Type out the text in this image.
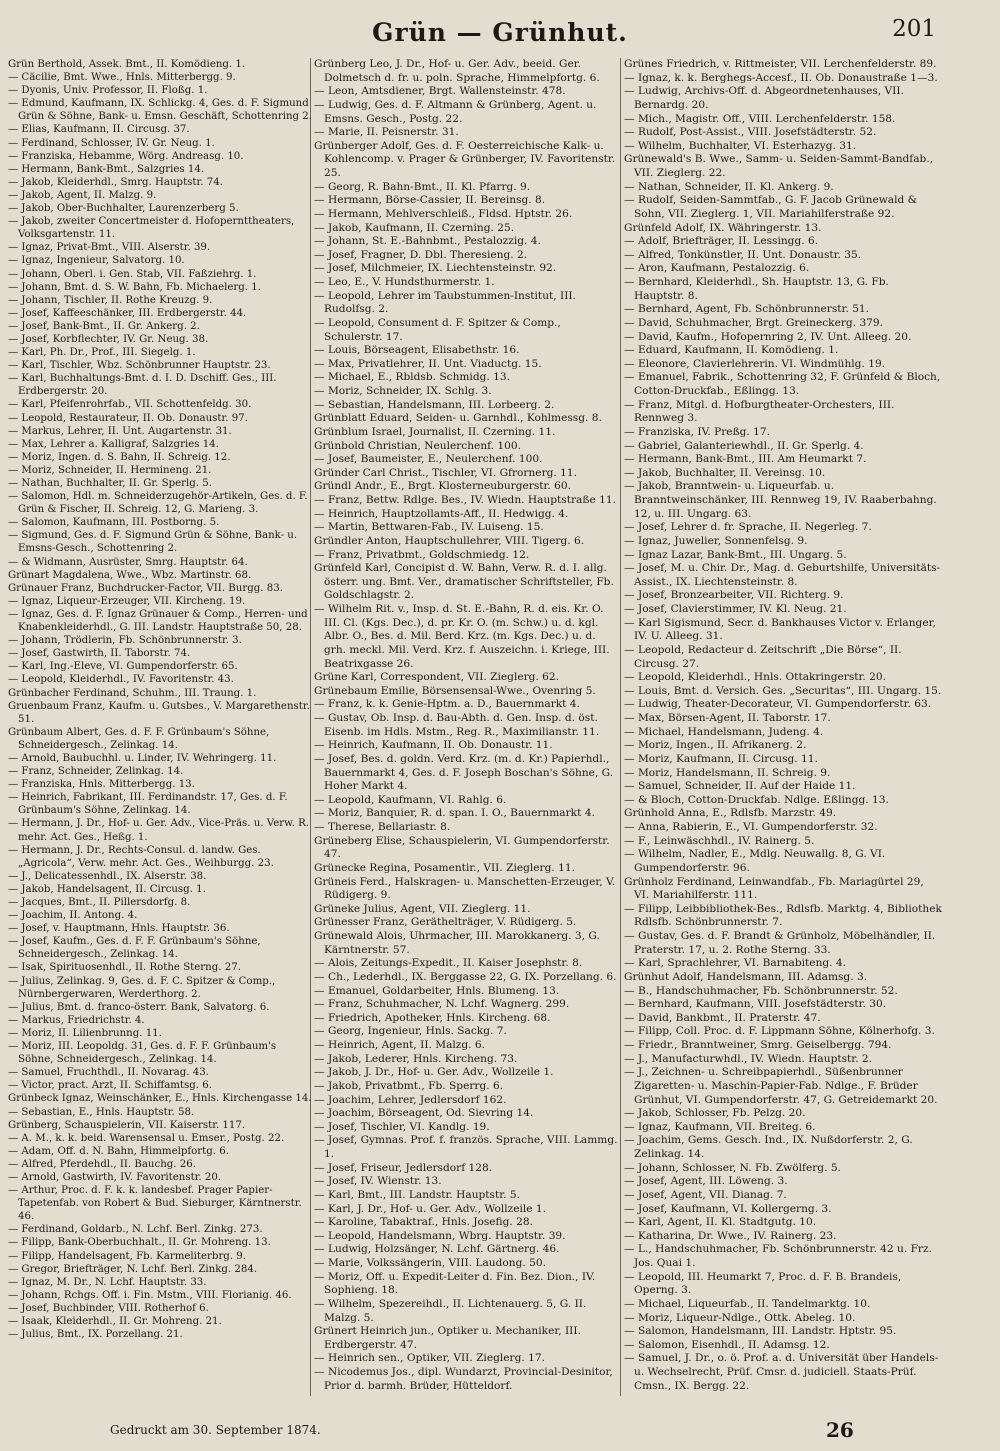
Grün — Grünhut.	201

Grün Berthold, Assek. Bmt., II. Komödieng. 1.

— Cäcilie, Bmt. Wwe., Hnls. Mitterbergg. 9.

— Dyonis, Univ. Professor, II. Floßg. 1.

— Edmund, Kaufmann, IX. Schlickg. 4, Ges. d. F. Sigmund Grün & Söhne, Bank- u. Emsn. Geschäft, Schottenring 2.

— Elias, Kaufmann, II. Circusg. 37.

— Ferdinand, Schlosser, IV. Gr. Neug. 1.

— Franziska, Hebamme, Wörg. Andreasg. 10.

— Hermann, Bank-Bmt., Salzgries 14.

— Jakob, Kleiderhdl., Smrg. Hauptstr. 74.

— Jakob, Agent, II. Malzg. 9.

— Jakob, Ober-Buchhalter, Laurenzerberg 5.

— Jakob, zweiter Concertmeister d. Hofopernttheaters, Volksgartenstr. 11.

— Ignaz, Privat-Bmt., VIII. Alserstr. 39.

— Ignaz, Ingenieur, Salvatorg. 10.

— Johann, Oberl. i. Gen. Stab, VII. Faßziehrg. 1.

— Johann, Bmt. d. S. W. Bahn, Fb. Michaelerg. 1.

— Johann, Tischler, II. Rothe Kreuzg. 9.

— Josef, Kaffeeschänker, III. Erdbergerstr. 44.

— Josef, Bank-Bmt., II. Gr. Ankerg. 2.

— Josef, Korbflechter, IV. Gr. Neug. 38.

— Karl, Ph. Dr., Prof., III. Siegelg. 1.

— Karl, Tischler, Wbz. Schönbrunner Hauptstr. 23.

— Karl, Buchhaltungs-Bmt. d. I. D. Dschiff. Ges., III. Erdbergerstr. 20.

— Karl, Pfeifenrohrfab., VII. Schottenfeldg. 30.

— Leopold, Restaurateur, II. Ob. Donaustr. 97.

— Markus, Lehrer, II. Unt. Augartenstr. 31.

— Max, Lehrer a. Kalligraf, Salzgries 14.

— Moriz, Ingen. d. S. Bahn, II. Schreig. 12.

— Moriz, Schneider, II. Hermineng. 21.

— Nathan, Buchhalter, II. Gr. Sperlg. 5.

— Salomon, Hdl. m. Schneiderzugehör-Artikeln, Ges. d. F. Grün & Fischer, II. Schreig. 12, G. Marieng. 3.

— Salomon, Kaufmann, III. Postborng. 5.

— Sigmund, Ges. d. F. Sigmund Grün & Söhne, Bank- u. Emsns-Gesch., Schottenring 2.

— & Widmann, Ausrüster, Smrg. Hauptstr. 64.

Grünart Magdalena, Wwe., Wbz. Martinstr. 68.

Grünauer Franz, Buchdrucker-Factor, VII. Burgg. 83.

— Ignaz, Liqueur-Erzeuger, VII. Kircheng. 19.

— Ignaz, Ges. d. F. Ignaz Grünauer & Comp., Herren- und Knabenkleiderhdl., G. III. Landstr. Hauptstraße 50, 28.

— Johann, Trödlerin, Fb. Schönbrunnerstr. 3.

— Josef, Gastwirth, II. Taborstr. 74.

— Karl, Ing.-Eleve, VI. Gumpendorferstr. 65.

— Leopold, Kleiderhdl., IV. Favoritenstr. 43.

Grünbacher Ferdinand, Schuhm., III. Traung. 1.

Gruenbaum Franz, Kaufm. u. Gutsbes., V. Margarethenstr. 51.

Grünbaum Albert, Ges. d. F. F. Grünbaum's Söhne, Schneidergesch., Zelinkag. 14.

— Arnold, Baubuchhl. u. Linder, IV. Wehringerg. 11.

— Franz, Schneider, Zelinkag. 14.

— Franziska, Hnls. Mitterbergg. 13.

— Heinrich, Fabrikant, III. Ferdinandstr. 17, Ges. d. F. Grünbaum's Söhne, Zelinkag. 14.

— Hermann, J. Dr., Hof- u. Ger. Adv., Vice-Präs. u. Verw. R. mehr. Act. Ges., Heßg. 1.

— Hermann, J. Dr., Rechts-Consul. d. landw. Ges. „Agricola“, Verw. mehr. Act. Ges., Weihburgg. 23.

— J., Delicatessenhdl., IX. Alserstr. 38.

— Jakob, Handelsagent, II. Circusg. 1.

— Jacques, Bmt., II. Pillersdorfg. 8.

— Joachim, II. Antong. 4.

— Josef, v. Hauptmann, Hnls. Hauptstr. 36.

— Josef, Kaufm., Ges. d. F. F. Grünbaum's Söhne, Schneidergesch., Zelinkag. 14.

— Isak, Spirituosenhdl., II. Rothe Sterng. 27.

— Julius, Zelinkag. 9, Ges. d. F. C. Spitzer & Comp., Nürnbergerwaren, Werderthorg. 2.

— Julius, Bmt. d. franco-österr. Bank, Salvatorg. 6.

— Markus, Friedrichstr. 4.

— Moriz, II. Lilienbrunng. 11.

— Moriz, III. Leopoldg. 31, Ges. d. F. F. Grünbaum's Söhne, Schneidergesch., Zelinkag. 14.

— Samuel, Fruchthdl., II. Novarag. 43.

— Victor, pract. Arzt, II. Schiffamtsg. 6.

Grünbeck Ignaz, Weinschänker, E., Hnls. Kirchengasse 14.

— Sebastian, E., Hnls. Hauptstr. 58.

Grünberg, Schauspielerin, VII. Kaiserstr. 117.

— A. M., k. k. beid. Warensensal u. Emser., Postg. 22.

— Adam, Off. d. N. Bahn, Himmelpfortg. 6.

— Alfred, Pferdehdl., II. Bauchg. 26.

— Arnold, Gastwirth, IV. Favoritenstr. 20.

— Arthur, Proc. d. F. k. k. landesbef. Prager Papier-Tapetenfab. von Robert & Bud. Sieburger, Kärntnerstr. 46.

— Ferdinand, Goldarb., N. Lchf. Berl. Zinkg. 273.

— Filipp, Bank-Oberbuchhalt., II. Gr. Mohreng. 13.

— Filipp, Handelsagent, Fb. Karmeliterbrg. 9.

— Gregor, Briefträger, N. Lchf. Berl. Zinkg. 284.

— Ignaz, M. Dr., N. Lchf. Hauptstr. 33.

— Johann, Rchgs. Off. i. Fin. Mstm., VIII. Florianig. 46.

— Josef, Buchbinder, VIII. Rotherhof 6.

— Isaak, Kleiderhdl., II. Gr. Mohreng. 21.

— Julius, Bmt., IX. Porzellang. 21.

Grünberg Leo, J. Dr., Hof- u. Ger. Adv., beeid. Ger. Dolmetsch d. fr. u. poln. Sprache, Himmelpfortg. 6.

— Leon, Amtsdiener, Brgt. Wallensteinstr. 478.

— Ludwig, Ges. d. F. Altmann & Grünberg, Agent. u. Emsns. Gesch., Postg. 22.

— Marie, II. Peisnerstr. 31.

Grünberger Adolf, Ges. d. F. Oesterreichische Kalk- u. Kohlencomp. v. Prager & Grünberger, IV. Favoritenstr. 25.

— Georg, R. Bahn-Bmt., II. Kl. Pfarrg. 9.

— Hermann, Börse-Cassier, II. Bereinsg. 8.

— Hermann, Mehlverschleiß., Fldsd. Hptstr. 26.

— Jakob, Kaufmann, II. Czerning. 25.

— Johann, St. E.-Bahnbmt., Pestalozzig. 4.

— Josef, Fragner, D. Dbl. Theresieng. 2.

— Josef, Milchmeier, IX. Liechtensteinstr. 92.

— Leo, E., V. Hundsthurmerstr. 1.

— Leopold, Lehrer im Taubstummen-Institut, III. Rudolfsg. 2.

— Leopold, Consument d. F. Spitzer & Comp., Schulerstr. 17.

— Louis, Börseagent, Elisabethstr. 16.

— Max, Privatlehrer, II. Unt. Viaductg. 15.

— Michael, E., Rbldsb. Schmidg. 13.

— Moriz, Schneider, IX. Schlg. 3.

— Sebastian, Handelsmann, III. Lorbeerg. 2.

Grünblatt Eduard, Seiden- u. Garnhdl., Kohlmessg. 8.

Grünblum Israel, Journalist, II. Czerning. 11.

Grünbold Christian, Neulerchenf. 100.

— Josef, Baumeister, E., Neulerchenf. 100.

Gründer Carl Christ., Tischler, VI. Gfrornerg. 11.

Gründl Andr., E., Brgt. Klosterneuburgerstr. 60.

— Franz, Bettw. Rdlge. Bes., IV. Wiedn. Hauptstraße 11.

— Heinrich, Hauptzollamts-Aff., II. Hedwigg. 4.

— Martin, Bettwaren-Fab., IV. Luiseng. 15.

Gründler Anton, Hauptschullehrer, VIII. Tigerg. 6.

— Franz, Privatbmt., Goldschmiedg. 12.

Grünfeld Karl, Concipist d. W. Bahn, Verw. R. d. I. allg. österr. ung. Bmt. Ver., dramatischer Schriftsteller, Fb. Goldschlagstr. 2.

— Wilhelm Rit. v., Insp. d. St. E.-Bahn, R. d. eis. Kr. O. III. Cl. (Kgs. Dec.), d. pr. Kr. O. (m. Schw.) u. d. kgl. Albr. O., Bes. d. Mil. Berd. Krz. (m. Kgs. Dec.) u. d. grh. meckl. Mil. Verd. Krz. f. Auszeichn. i. Kriege, III. Beatrixgasse 26.

Grüne Karl, Correspondent, VII. Zieglerg. 62.

Grünebaum Emilie, Börsensensal-Wwe., Ovenring 5.

— Franz, k. k. Genie-Hptm. a. D., Bauernmarkt 4.

— Gustav, Ob. Insp. d. Bau-Abth. d. Gen. Insp. d. öst. Eisenb. im Hdls. Mstm., Reg. R., Maximilianstr. 11.

— Heinrich, Kaufmann, II. Ob. Donaustr. 11.

— Josef, Bes. d. goldn. Verd. Krz. (m. d. Kr.) Papierhdl., Bauernmarkt 4, Ges. d. F. Joseph Boschan's Söhne, G. Hoher Markt 4.

— Leopold, Kaufmann, VI. Rahlg. 6.

— Moriz, Banquier, R. d. span. I. O., Bauernmarkt 4.

— Therese, Bellariastr. 8.

Grüneberg Elise, Schauspielerin, VI. Gumpendorferstr. 47.

Grünecke Regina, Posamentir., VII. Zieglerg. 11.

Grüneis Ferd., Halskragen- u. Manschetten-Erzeuger, V. Rüdigerg. 9.

Grüneke Julius, Agent, VII. Zieglerg. 11.

Grünesser Franz, Geräthelträger, V. Rüdigerg. 5.

Grünewald Alois, Uhrmacher, III. Marokkanerg. 3, G. Kärntnerstr. 57.

— Alois, Zeitungs-Expedit., II. Kaiser Josephstr. 8.

— Ch., Lederhdl., IX. Berggasse 22, G. IX. Porzellang. 6.

— Emanuel, Goldarbeiter, Hnls. Blumeng. 13.

— Franz, Schuhmacher, N. Lchf. Wagnerg. 299.

— Friedrich, Apotheker, Hnls. Kircheng. 68.

— Georg, Ingenieur, Hnls. Sackg. 7.

— Heinrich, Agent, II. Malzg. 6.

— Jakob, Lederer, Hnls. Kircheng. 73.

— Jakob, J. Dr., Hof- u. Ger. Adv., Wollzeile 1.

— Jakob, Privatbmt., Fb. Sperrg. 6.

— Joachim, Lehrer, Jedlersdorf 162.

— Joachim, Börseagent, Od. Sievring 14.

— Josef, Tischler, VI. Kandlg. 19.

— Josef, Gymnas. Prof. f. französ. Sprache, VIII. Lammg. 1.

— Josef, Friseur, Jedlersdorf 128.

— Josef, IV. Wienstr. 13.

— Karl, Bmt., III. Landstr. Hauptstr. 5.

— Karl, J. Dr., Hof- u. Ger. Adv., Wollzeile 1.

— Karoline, Tabaktraf., Hnls. Josefig. 28.

— Leopold, Handelsmann, Wbrg. Hauptstr. 39.

— Ludwig, Holzsänger, N. Lchf. Gärtnerg. 46.

— Marie, Volkssängerin, VIII. Laudong. 50.

— Moriz, Off. u. Expedit-Leiter d. Fin. Bez. Dion., IV. Sophieng. 18.

— Wilhelm, Spezereihdl., II. Lichtenauerg. 5, G. II. Malzg. 5.

Grünert Heinrich jun., Optiker u. Mechaniker, III. Erdbergerstr. 47.

— Heinrich sen., Optiker, VII. Zieglerg. 17.

— Nicodemus Jos., dipl. Wundarzt, Provincial-Desinitor, Prior d. barmh. Brüder, Hütteldorf.

Grünes Friedrich, v. Rittmeister, VII. Lerchenfelderstr. 89.

— Ignaz, k. k. Berghegs-Accesf., II. Ob. Donaustraße 1—3.

— Ludwig, Archivs-Off. d. Abgeordnetenhauses, VII. Bernardg. 20.

— Mich., Magistr. Off., VIII. Lerchenfelderstr. 158.

— Rudolf, Post-Assist., VIII. Josefstädterstr. 52.

— Wilhelm, Buchhalter, VI. Esterhazyg. 31.

Grünewald's B. Wwe., Samm- u. Seiden-Sammt-Bandfab., VII. Zieglerg. 22.

— Nathan, Schneider, II. Kl. Ankerg. 9.

— Rudolf, Seiden-Sammtfab., G. F. Jacob Grünewald & Sohn, VII. Zieglerg. 1, VII. Mariahilferstraße 92.

Grünfeld Adolf, IX. Währingerstr. 13.

— Adolf, Briefträger, II. Lessingg. 6.

— Alfred, Tonkünstler, II. Unt. Donaustr. 35.

— Aron, Kaufmann, Pestalozzig. 6.

— Bernhard, Kleiderhdl., Sh. Hauptstr. 13, G. Fb. Hauptstr. 8.

— Bernhard, Agent, Fb. Schönbrunnerstr. 51.

— David, Schuhmacher, Brgt. Greineckerg. 379.

— David, Kaufm., Hofopernring 2, IV. Unt. Alleeg. 20.

— Eduard, Kaufmann, II. Komödieng. 1.

— Eleonore, Clavierlehrerin. VI. Windmühlg. 19.

— Emanuel, Fabrik., Schottenring 32, F. Grünfeld & Bloch, Cotton-Druckfab., Eßlingg. 13.

— Franz, Mitgl. d. Hofburgtheater-Orchesters, III. Rennweg 3.

— Franziska, IV. Preßg. 17.

— Gabriel, Galanteriewhdl., II. Gr. Sperlg. 4.

— Hermann, Bank-Bmt., III. Am Heumarkt 7.

— Jakob, Buchhalter, II. Vereinsg. 10.

— Jakob, Branntwein- u. Liqueurfab. u. Branntweinschänker, III. Rennweg 19, IV. Raaberbahng. 12, u. III. Ungarg. 63.

— Josef, Lehrer d. fr. Sprache, II. Negerleg. 7.

— Ignaz, Juwelier, Sonnenfelsg. 9.

— Ignaz Lazar, Bank-Bmt., III. Ungarg. 5.

— Josef, M. u. Chir. Dr., Mag. d. Geburtshilfe, Universitäts-Assist., IX. Liechtensteinstr. 8.

— Josef, Bronzearbeiter, VII. Richterg. 9.

— Josef, Clavierstimmer, IV. Kl. Neug. 21.

— Karl Sigismund, Secr. d. Bankhauses Victor v. Erlanger, IV. U. Alleeg. 31.

— Leopold, Redacteur d. Zeitschrift „Die Börse“, II. Circusg. 27.

— Leopold, Kleiderhdl., Hnls. Ottakringerstr. 20.

— Louis, Bmt. d. Versich. Ges. „Securitas“, III. Ungarg. 15.

— Ludwig, Theater-Decorateur, VI. Gumpendorferstr. 63.

— Max, Börsen-Agent, II. Taborstr. 17.

— Michael, Handelsmann, Judeng. 4.

— Moriz, Ingen., II. Afrikanerg. 2.

— Moriz, Kaufmann, II. Circusg. 11.

— Moriz, Handelsmann, II. Schreig. 9.

— Samuel, Schneider, II. Auf der Haide 11.

— & Bloch, Cotton-Druckfab. Ndlge. Eßlingg. 13.

Grünhold Anna, E., Rdlsfb. Marzstr. 49.

— Anna, Rabierin, E., VI. Gumpendorferstr. 32.

— F., Leinwäschhdl., IV. Rainerg. 5.

— Wilhelm, Nadler, E., Mdlg. Neuwallg. 8, G. VI. Gumpendorferstr. 96.

Grünholz Ferdinand, Leinwandfab., Fb. Mariagürtel 29, VI. Mariahilferstr. 111.

— Filipp, Leibbibliothek-Bes., Rdlsfb. Marktg. 4, Bibliothek Rdlsfb. Schönbrunnerstr. 7.

— Gustav, Ges. d. F. Brandt & Grünholz, Möbelhändler, II. Praterstr. 17, u. 2. Rothe Sterng. 33.

— Karl, Sprachlehrer, VI. Barnabiteng. 4.

Grünhut Adolf, Handelsmann, III. Adamsg. 3.

— B., Handschuhmacher, Fb. Schönbrunnerstr. 52.

— Bernhard, Kaufmann, VIII. Josefstädterstr. 30.

— David, Bankbmt., II. Praterstr. 47.

— Filipp, Coll. Proc. d. F. Lippmann Söhne, Kölnerhofg. 3.

— Friedr., Branntweiner, Smrg. Geiselbergg. 794.

— J., Manufacturwhdl., IV. Wiedn. Hauptstr. 2.

— J., Zeichnen- u. Schreibpapierhdl., Süßenbrunner Zigaretten- u. Maschin-Papier-Fab. Ndlge., F. Brüder Grünhut, VI. Gumpendorferstr. 47, G. Getreidemarkt 20.

— Jakob, Schlosser, Fb. Pelzg. 20.

— Ignaz, Kaufmann, VII. Breiteg. 6.

— Joachim, Gems. Gesch. Ind., IX. Nußdorferstr. 2, G. Zelinkag. 14.

— Johann, Schlosser, N. Fb. Zwölferg. 5.

— Josef, Agent, III. Löweng. 3.

— Josef, Agent, VII. Dianag. 7.

— Josef, Kaufmann, VI. Kollergerng. 3.

— Karl, Agent, II. Kl. Stadtgutg. 10.

— Katharina, Dr. Wwe., IV. Rainerg. 23.

— L., Handschuhmacher, Fb. Schönbrunnerstr. 42 u. Frz. Jos. Quai 1.

— Leopold, III. Heumarkt 7, Proc. d. F. B. Brandeis, Operng. 3.

— Michael, Liqueurfab., II. Tandelmarktg. 10.

— Moriz, Liqueur-Ndlge., Ottk. Abeleg. 10.

— Salomon, Handelsmann, III. Landstr. Hptstr. 95.

— Salomon, Eisenhdl., II. Adamsg. 12.

— Samuel, J. Dr., o. ö. Prof. a. d. Universität über Handels- u. Wechselrecht, Prüf. Cmsr. d. judiciell. Staats-Prüf. Cmsn., IX. Bergg. 22.

Gedruckt am 30. September 1874.	26
